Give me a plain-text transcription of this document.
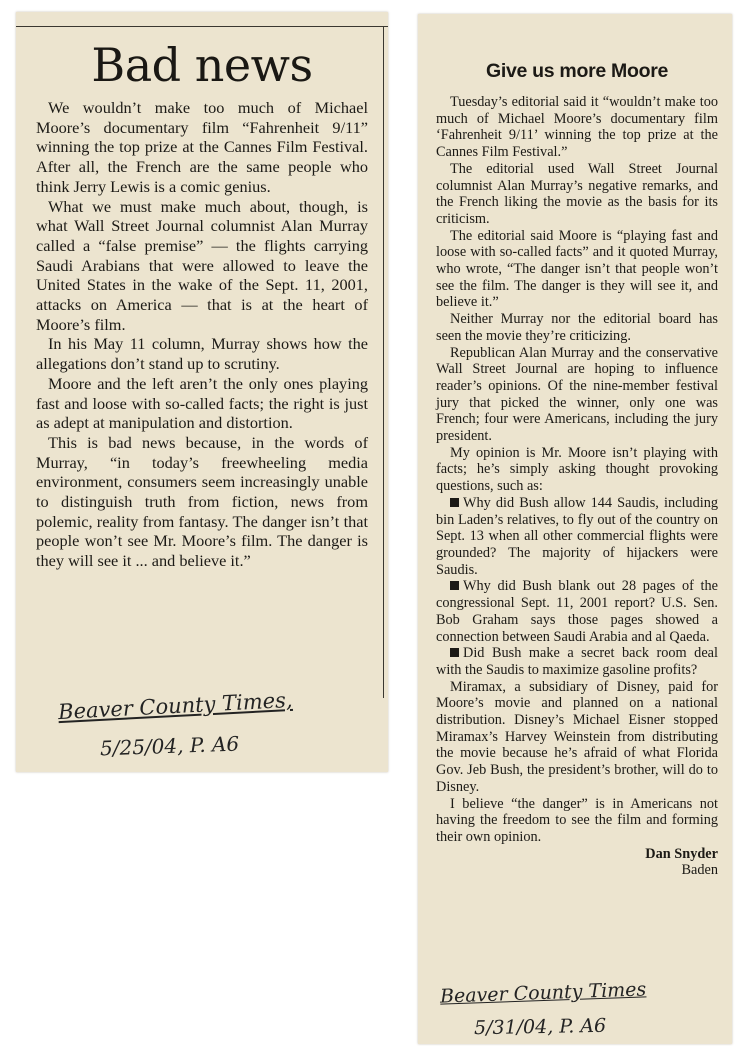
Bad news

We wouldn’t make too much of Michael Moore’s documentary film “Fahrenheit 9/11” winning the top prize at the Cannes Film Festival. After all, the French are the same people who think Jerry Lewis is a comic genius.

What we must make much about, though, is what Wall Street Journal columnist Alan Murray called a “false premise” — the flights carrying Saudi Arabians that were allowed to leave the United States in the wake of the Sept. 11, 2001, attacks on America — that is at the heart of Moore’s film.

In his May 11 column, Murray shows how the allegations don’t stand up to scrutiny.

Moore and the left aren’t the only ones playing fast and loose with so-called facts; the right is just as adept at manipulation and distortion.

This is bad news because, in the words of Murray, “in today’s freewheeling media environment, consumers seem increasingly unable to distinguish truth from fiction, news from polemic, reality from fantasy. The danger isn’t that people won’t see Mr. Moore’s film. The danger is they will see it ... and believe it.”

Beaver County Times,
5/25/04, P. A6
Give us more Moore

Tuesday’s editorial said it “wouldn’t make too much of Michael Moore’s documentary film ‘Fahrenheit 9/11’ winning the top prize at the Cannes Film Festival.”

The editorial used Wall Street Journal columnist Alan Murray’s negative remarks, and the French liking the movie as the basis for its criticism.

The editorial said Moore is “playing fast and loose with so-called facts” and it quoted Murray, who wrote, “The danger isn’t that people won’t see the film. The danger is they will see it, and believe it.”

Neither Murray nor the editorial board has seen the movie they’re criticizing.

Republican Alan Murray and the conservative Wall Street Journal are hoping to influence reader’s opinions. Of the nine-member festival jury that picked the winner, only one was French; four were Americans, including the jury president.

My opinion is Mr. Moore isn’t playing with facts; he’s simply asking thought provoking questions, such as:

Why did Bush allow 144 Saudis, including bin Laden’s relatives, to fly out of the country on Sept. 13 when all other commercial flights were grounded? The majority of hijackers were Saudis.

Why did Bush blank out 28 pages of the congressional Sept. 11, 2001 report? U.S. Sen. Bob Graham says those pages showed a connection between Saudi Arabia and al Qaeda.

Did Bush make a secret back room deal with the Saudis to maximize gasoline profits?

Miramax, a subsidiary of Disney, paid for Moore’s movie and planned on a national distribution. Disney’s Michael Eisner stopped Miramax’s Harvey Weinstein from distributing the movie because he’s afraid of what Florida Gov. Jeb Bush, the president’s brother, will do to Disney.

I believe “the danger” is in Americans not having the freedom to see the film and forming their own opinion.

Dan Snyder
Baden
Beaver County Times
5/31/04, P. A6
